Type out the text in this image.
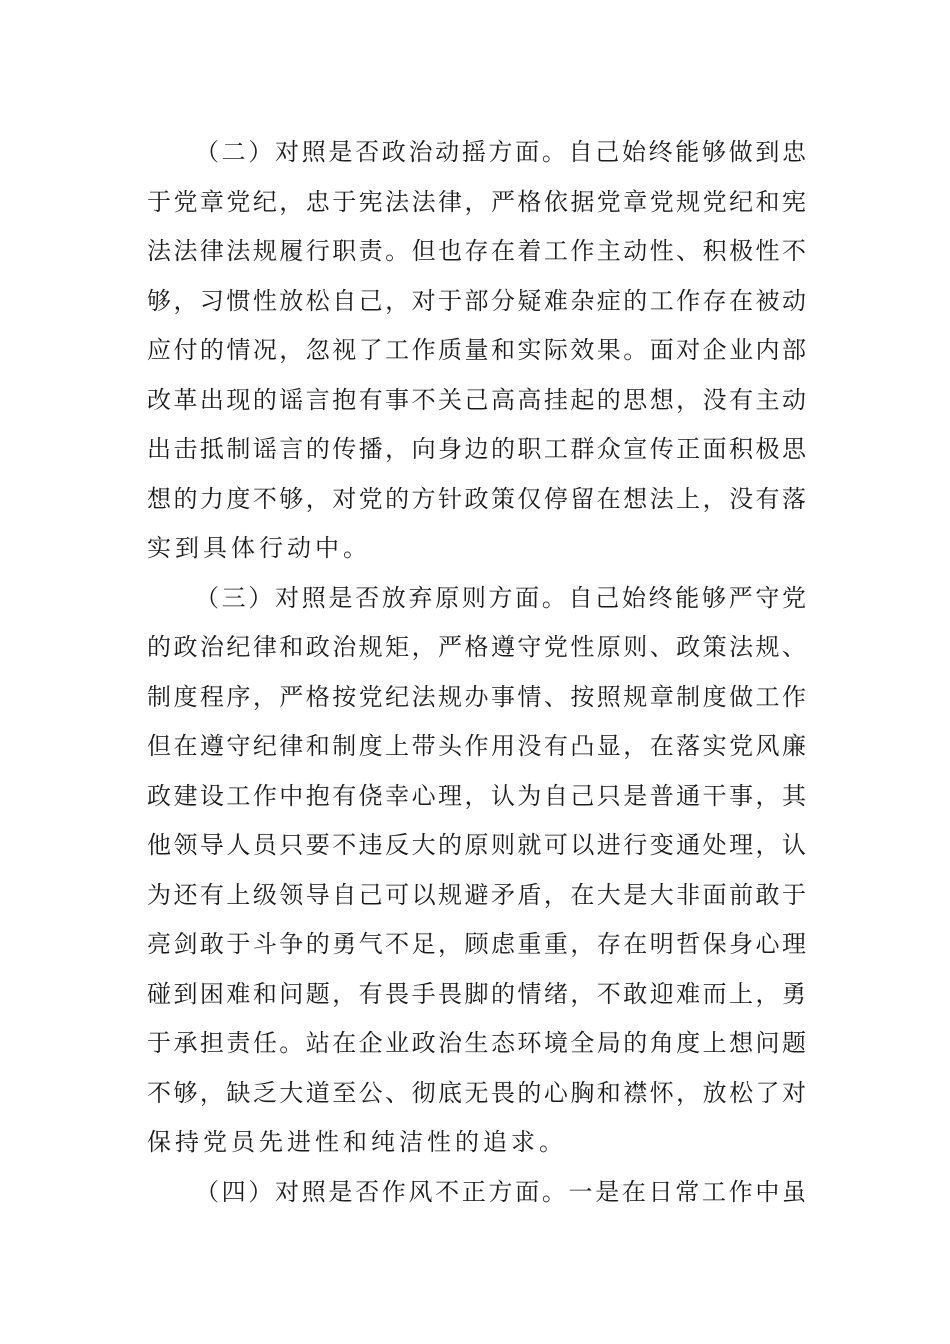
（二）对照是否政治动摇方面。自己始终能够做到忠
于党章党纪，忠于宪法法律，严格依据党章党规党纪和宪
法法律法规履行职责。但也存在着工作主动性、积极性不
够，习惯性放松自己，对于部分疑难杂症的工作存在被动
应付的情况，忽视了工作质量和实际效果。面对企业内部
改革出现的谣言抱有事不关己高高挂起的思想，没有主动
出击抵制谣言的传播，向身边的职工群众宣传正面积极思
想的力度不够，对党的方针政策仅停留在想法上，没有落
实到具体行动中。
（三）对照是否放弃原则方面。自己始终能够严守党
的政治纪律和政治规矩，严格遵守党性原则、政策法规、
制度程序，严格按党纪法规办事情、按照规章制度做工作
但在遵守纪律和制度上带头作用没有凸显，在落实党风廉
政建设工作中抱有侥幸心理，认为自己只是普通干事，其
他领导人员只要不违反大的原则就可以进行变通处理，认
为还有上级领导自己可以规避矛盾，在大是大非面前敢于
亮剑敢于斗争的勇气不足，顾虑重重，存在明哲保身心理
碰到困难和问题，有畏手畏脚的情绪，不敢迎难而上，勇
于承担责任。站在企业政治生态环境全局的角度上想问题
不够，缺乏大道至公、彻底无畏的心胸和襟怀，放松了对
保持党员先进性和纯洁性的追求。
（四）对照是否作风不正方面。一是在日常工作中虽
